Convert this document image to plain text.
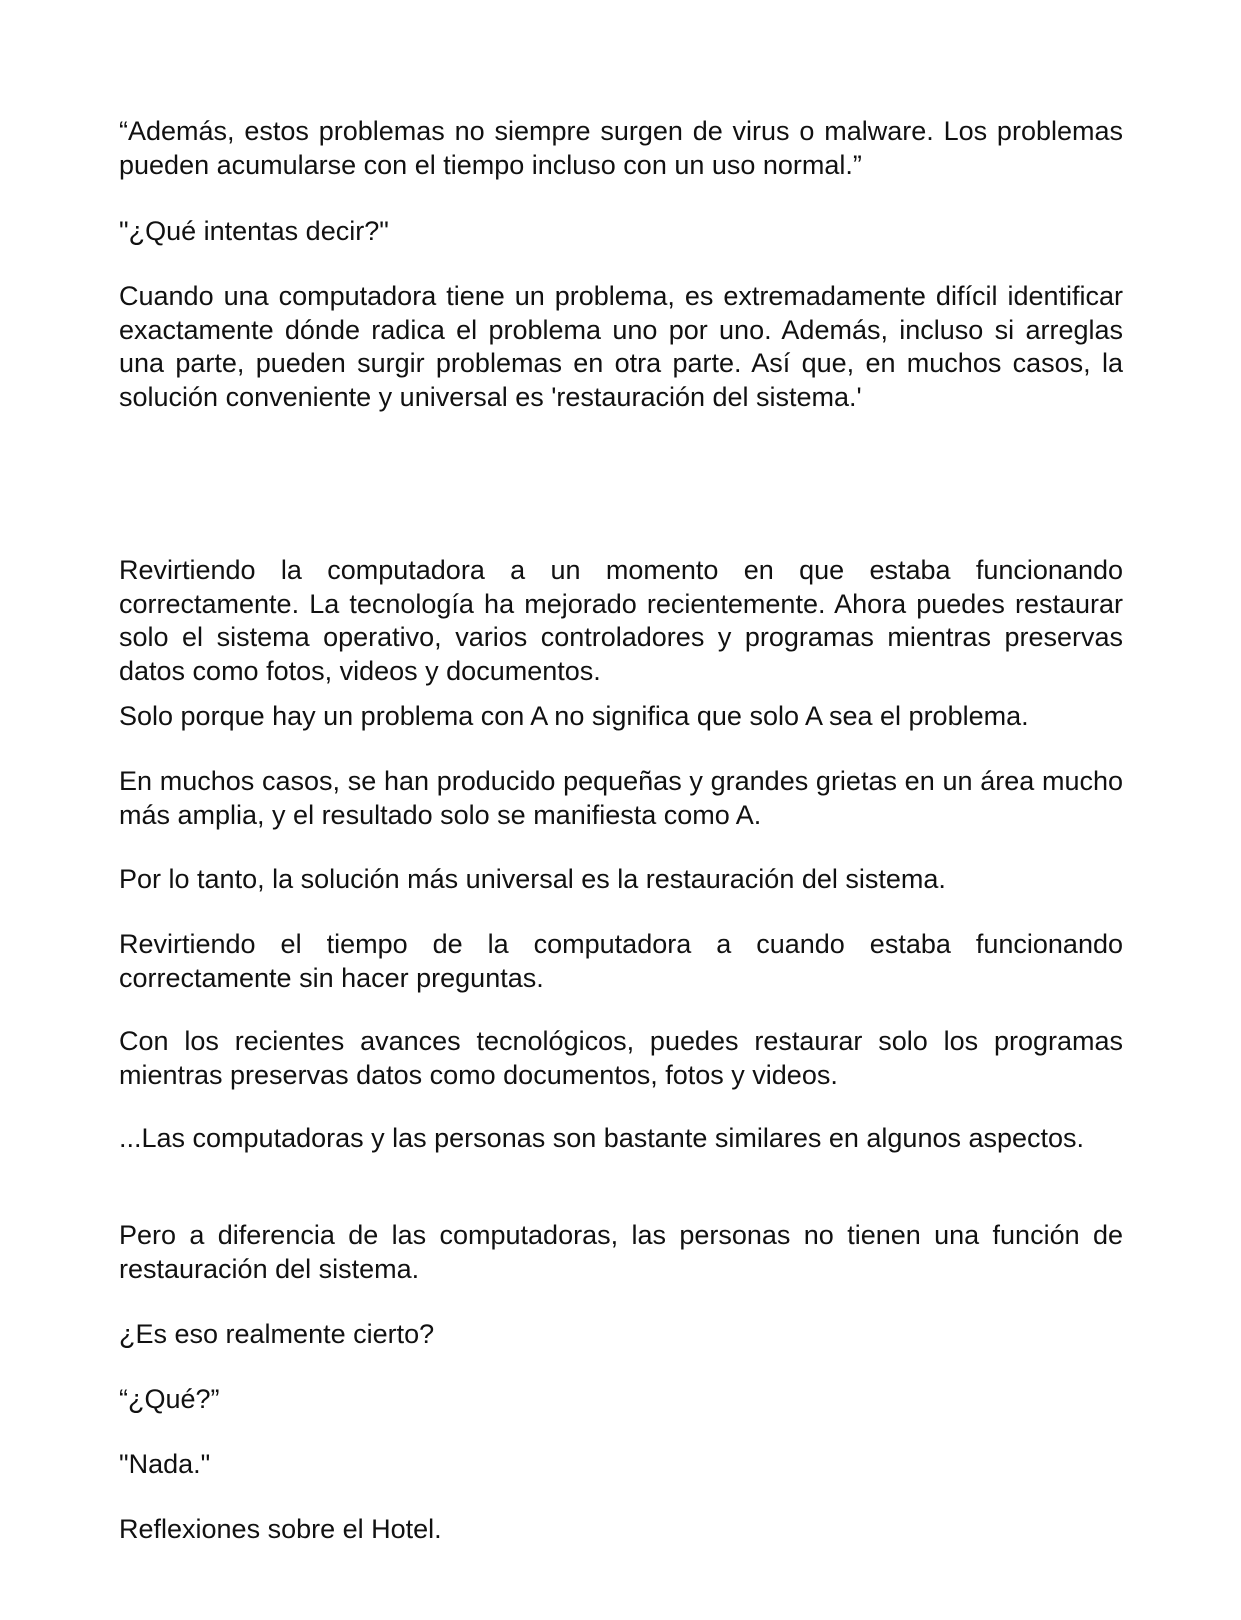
“Además, estos problemas no siempre surgen de virus o malware. Los problemas pueden acumularse con el tiempo incluso con un uso normal.”

"¿Qué intentas decir?"

Cuando una computadora tiene un problema, es extremadamente difícil identificar exactamente dónde radica el problema uno por uno. Además, incluso si arreglas una parte, pueden surgir problemas en otra parte. Así que, en muchos casos, la solución conveniente y universal es 'restauración del sistema.'

Revirtiendo la computadora a un momento en que estaba funcionando correctamente. La tecnología ha mejorado recientemente. Ahora puedes restaurar solo el sistema operativo, varios controladores y programas mientras preservas datos como fotos, videos y documentos.

Solo porque hay un problema con A no significa que solo A sea el problema.

En muchos casos, se han producido pequeñas y grandes grietas en un área mucho más amplia, y el resultado solo se manifiesta como A.

Por lo tanto, la solución más universal es la restauración del sistema.

Revirtiendo el tiempo de la computadora a cuando estaba funcionando correctamente sin hacer preguntas.

Con los recientes avances tecnológicos, puedes restaurar solo los programas mientras preservas datos como documentos, fotos y videos.

...Las computadoras y las personas son bastante similares en algunos aspectos.

Pero a diferencia de las computadoras, las personas no tienen una función de restauración del sistema.

¿Es eso realmente cierto?

“¿Qué?”

"Nada."

Reflexiones sobre el Hotel.
